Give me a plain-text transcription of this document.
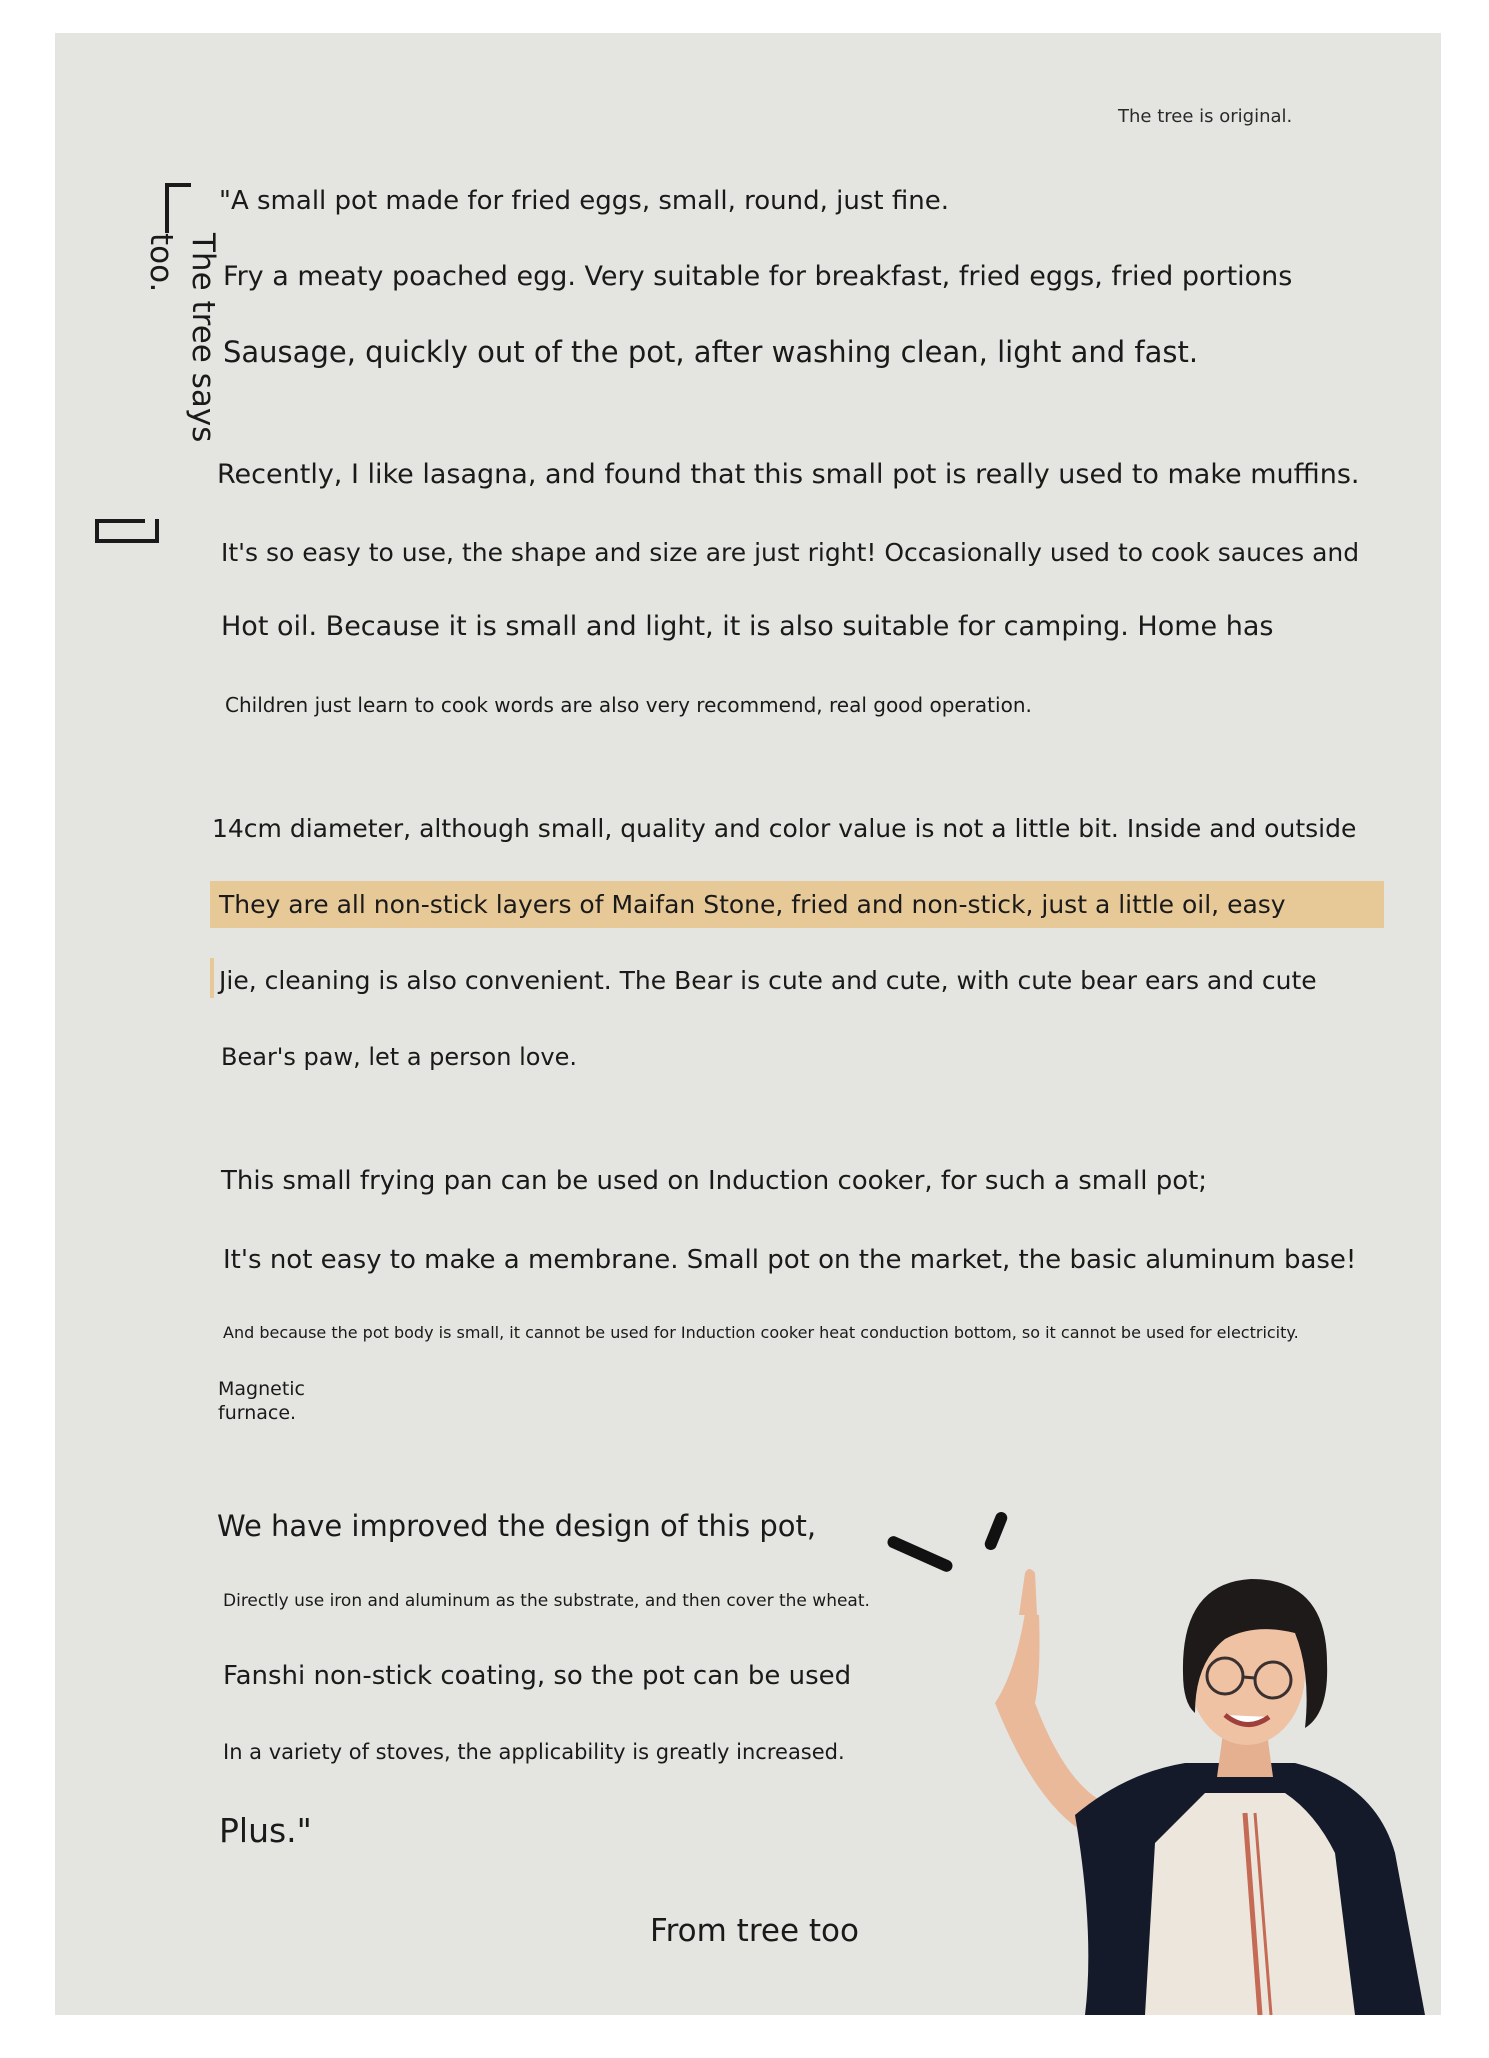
The tree is original.
The tree says too.
"A small pot made for fried eggs, small, round, just fine.
Fry a meaty poached egg. Very suitable for breakfast, fried eggs, fried portions
Sausage, quickly out of the pot, after washing clean, light and fast.
Recently, I like lasagna, and found that this small pot is really used to make muffins.
It's so easy to use, the shape and size are just right! Occasionally used to cook sauces and
Hot oil. Because it is small and light, it is also suitable for camping. Home has
Children just learn to cook words are also very recommend, real good operation.
14cm diameter, although small, quality and color value is not a little bit. Inside and outside
They are all non-stick layers of Maifan Stone, fried and non-stick, just a little oil, easy
Jie, cleaning is also convenient. The Bear is cute and cute, with cute bear ears and cute
Bear's paw, let a person love.
This small frying pan can be used on Induction cooker, for such a small pot;
It's not easy to make a membrane. Small pot on the market, the basic aluminum base!
And because the pot body is small, it cannot be used for Induction cooker heat conduction bottom, so it cannot be used for electricity.
Magnetic
furnace.
We have improved the design of this pot,
Directly use iron and aluminum as the substrate, and then cover the wheat.
Fanshi non-stick coating, so the pot can be used
In a variety of stoves, the applicability is greatly increased.
Plus."
From tree too
